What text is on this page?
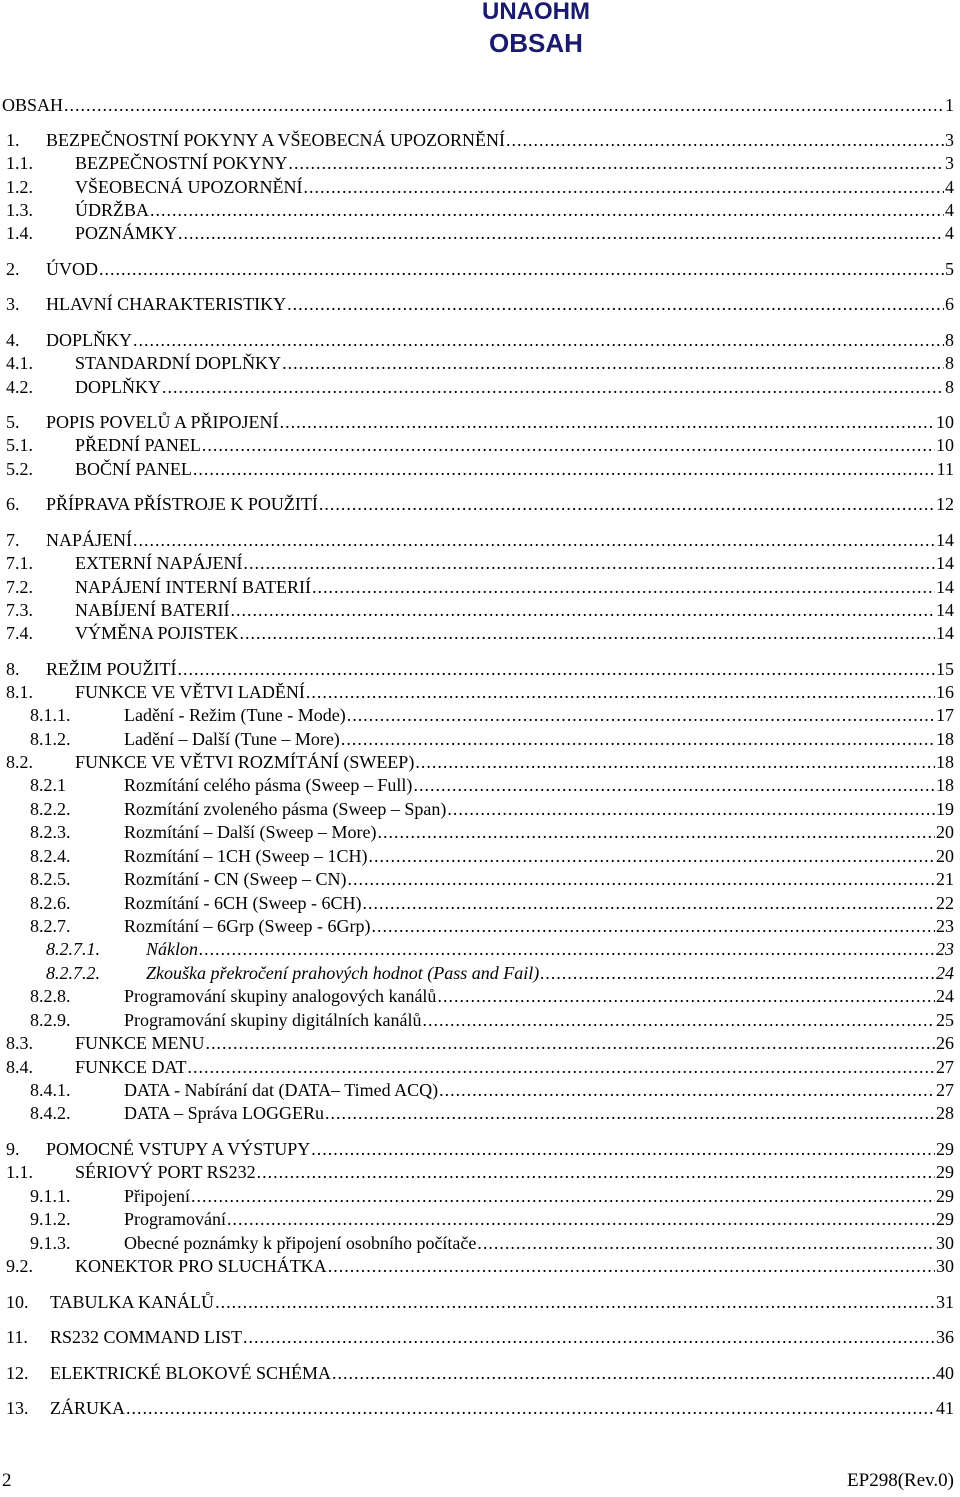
UNAOHM
OBSAH
OBSAH .....	1
1.	BEZPEČNOSTNÍ POKYNY A VŠEOBECNÁ UPOZORNĚNÍ .....	3
1.1.	BEZPEČNOSTNÍ POKYNY .....	3
1.2.	VŠEOBECNÁ UPOZORNĚNÍ .....	4
1.3.	ÚDRŽBA .....	4
1.4.	POZNÁMKY .....	4
2.	ÚVOD .....	5
3.	HLAVNÍ CHARAKTERISTIKY .....	6
4.	DOPLŇKY .....	8
4.1.	STANDARDNÍ DOPLŇKY .....	8
4.2.	DOPLŇKY .....	8
5.	POPIS POVELŮ A PŘIPOJENÍ .....	10
5.1.	PŘEDNÍ PANEL .....	10
5.2.	BOČNÍ PANEL .....	11
6.	PŘÍPRAVA PŘÍSTROJE K POUŽITÍ .....	12
7.	NAPÁJENÍ .....	14
7.1.	EXTERNÍ NAPÁJENÍ .....	14
7.2.	NAPÁJENÍ INTERNÍ BATERIÍ .....	14
7.3.	NABÍJENÍ BATERIÍ .....	14
7.4.	VÝMĚNA POJISTEK .....	14
8.	REŽIM POUŽITÍ .....	15
8.1.	FUNKCE VE VĚTVI LADĚNÍ .....	16
8.1.1.	Ladění - Režim (Tune - Mode) .....	17
8.1.2.	Ladění – Další (Tune – More) .....	18
8.2.	FUNKCE VE VĚTVI ROZMÍTÁNÍ (SWEEP) .....	18
8.2.1	Rozmítání celého pásma (Sweep – Full) .....	18
8.2.2.	Rozmítání zvoleného pásma (Sweep – Span) .....	19
8.2.3.	Rozmítání – Další (Sweep – More) .....	20
8.2.4.	Rozmítání – 1CH (Sweep – 1CH) .....	20
8.2.5.	Rozmítání - CN (Sweep – CN) .....	21
8.2.6.	Rozmítání - 6CH (Sweep - 6CH) .....	22
8.2.7.	Rozmítání – 6Grp (Sweep - 6Grp) .....	23
8.2.7.1.	Náklon .....	23
8.2.7.2.	Zkouška překročení prahových hodnot (Pass and Fail) .....	24
8.2.8.	Programování skupiny analogových kanálů .....	24
8.2.9.	Programování skupiny digitálních kanálů .....	25
8.3.	FUNKCE MENU .....	26
8.4.	FUNKCE DAT .....	27
8.4.1.	DATA - Nabírání dat (DATA– Timed ACQ) .....	27
8.4.2.	DATA – Správa LOGGERu .....	28
9.	POMOCNÉ VSTUPY A VÝSTUPY .....	29
1.1.	SÉRIOVÝ PORT RS232 .....	29
9.1.1.	Připojení .....	29
9.1.2.	Programování .....	29
9.1.3.	Obecné poznámky k připojení osobního počítače .....	30
9.2.	KONEKTOR PRO SLUCHÁTKA .....	30
10.	TABULKA KANÁLŮ .....	31
11.	RS232 COMMAND LIST .....	36
12.	ELEKTRICKÉ BLOKOVÉ SCHÉMA .....	40
13.	ZÁRUKA .....	41
2	EP298(Rev.0)
